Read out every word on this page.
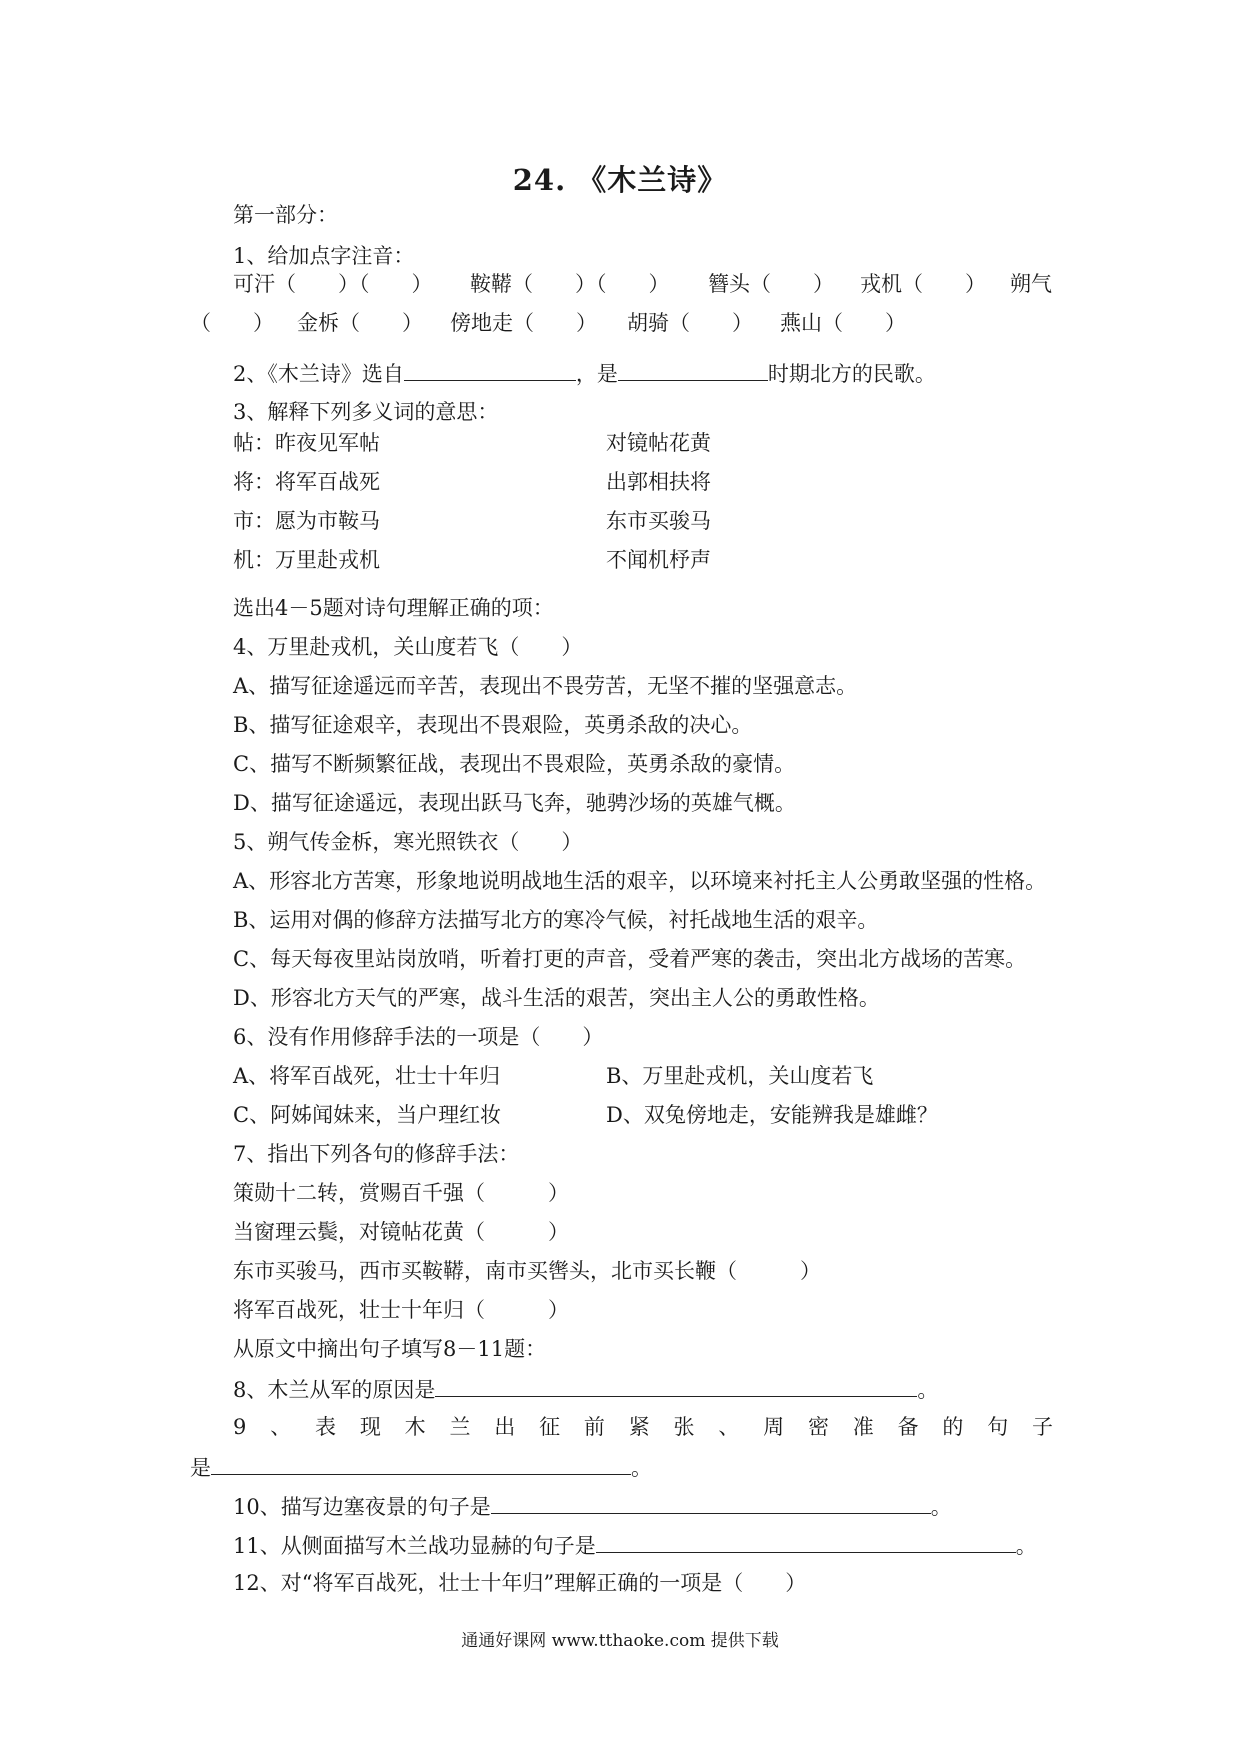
24. 《木兰诗》
第一部分：
1、给加点字注音：
可汗（　　）（　　） 鞍鞯（　　）（　　） 簪头（　　） 戎机（　　） 朔气
（　　） 金柝（　　） 傍地走（　　） 胡骑（　　） 燕山（　　）
2、《木兰诗》选自	，是	时期北方的民歌。
3、解释下列多义词的意思：
帖：昨夜见军帖	对镜帖花黄
将：将军百战死	出郭相扶将
市：愿为市鞍马	东市买骏马
机：万里赴戎机	不闻机杼声
选出4－5题对诗句理解正确的项：
4、万里赴戎机，关山度若飞（　　）
A、描写征途遥远而辛苦，表现出不畏劳苦，无坚不摧的坚强意志。
B、描写征途艰辛，表现出不畏艰险，英勇杀敌的决心。
C、描写不断频繁征战，表现出不畏艰险，英勇杀敌的豪情。
D、描写征途遥远，表现出跃马飞奔，驰骋沙场的英雄气概。
5、朔气传金柝，寒光照铁衣（　　）
A、形容北方苦寒，形象地说明战地生活的艰辛，以环境来衬托主人公勇敢坚强的性格。
B、运用对偶的修辞方法描写北方的寒冷气候，衬托战地生活的艰辛。
C、每天每夜里站岗放哨，听着打更的声音，受着严寒的袭击，突出北方战场的苦寒。
D、形容北方天气的严寒，战斗生活的艰苦，突出主人公的勇敢性格。
6、没有作用修辞手法的一项是（　　）
A、将军百战死，壮士十年归	B、万里赴戎机，关山度若飞
C、阿姊闻妹来，当户理红妆	D、双兔傍地走，安能辨我是雄雌？
7、指出下列各句的修辞手法：
策勋十二转，赏赐百千强（　　　）
当窗理云鬓，对镜帖花黄（　　　）
东市买骏马，西市买鞍鞯，南市买辔头，北市买长鞭（　　　）
将军百战死，壮士十年归（　　　）
从原文中摘出句子填写8－11题：
8、木兰从军的原因是	。
9 、 表 现 木 兰 出 征 前 紧 张 、 周 密 准 备 的 句 子
是	。
10、描写边塞夜景的句子是	。
11、从侧面描写木兰战功显赫的句子是	。
12、对“将军百战死，壮士十年归”理解正确的一项是（　　）
通通好课网 www.tthaoke.com 提供下载
